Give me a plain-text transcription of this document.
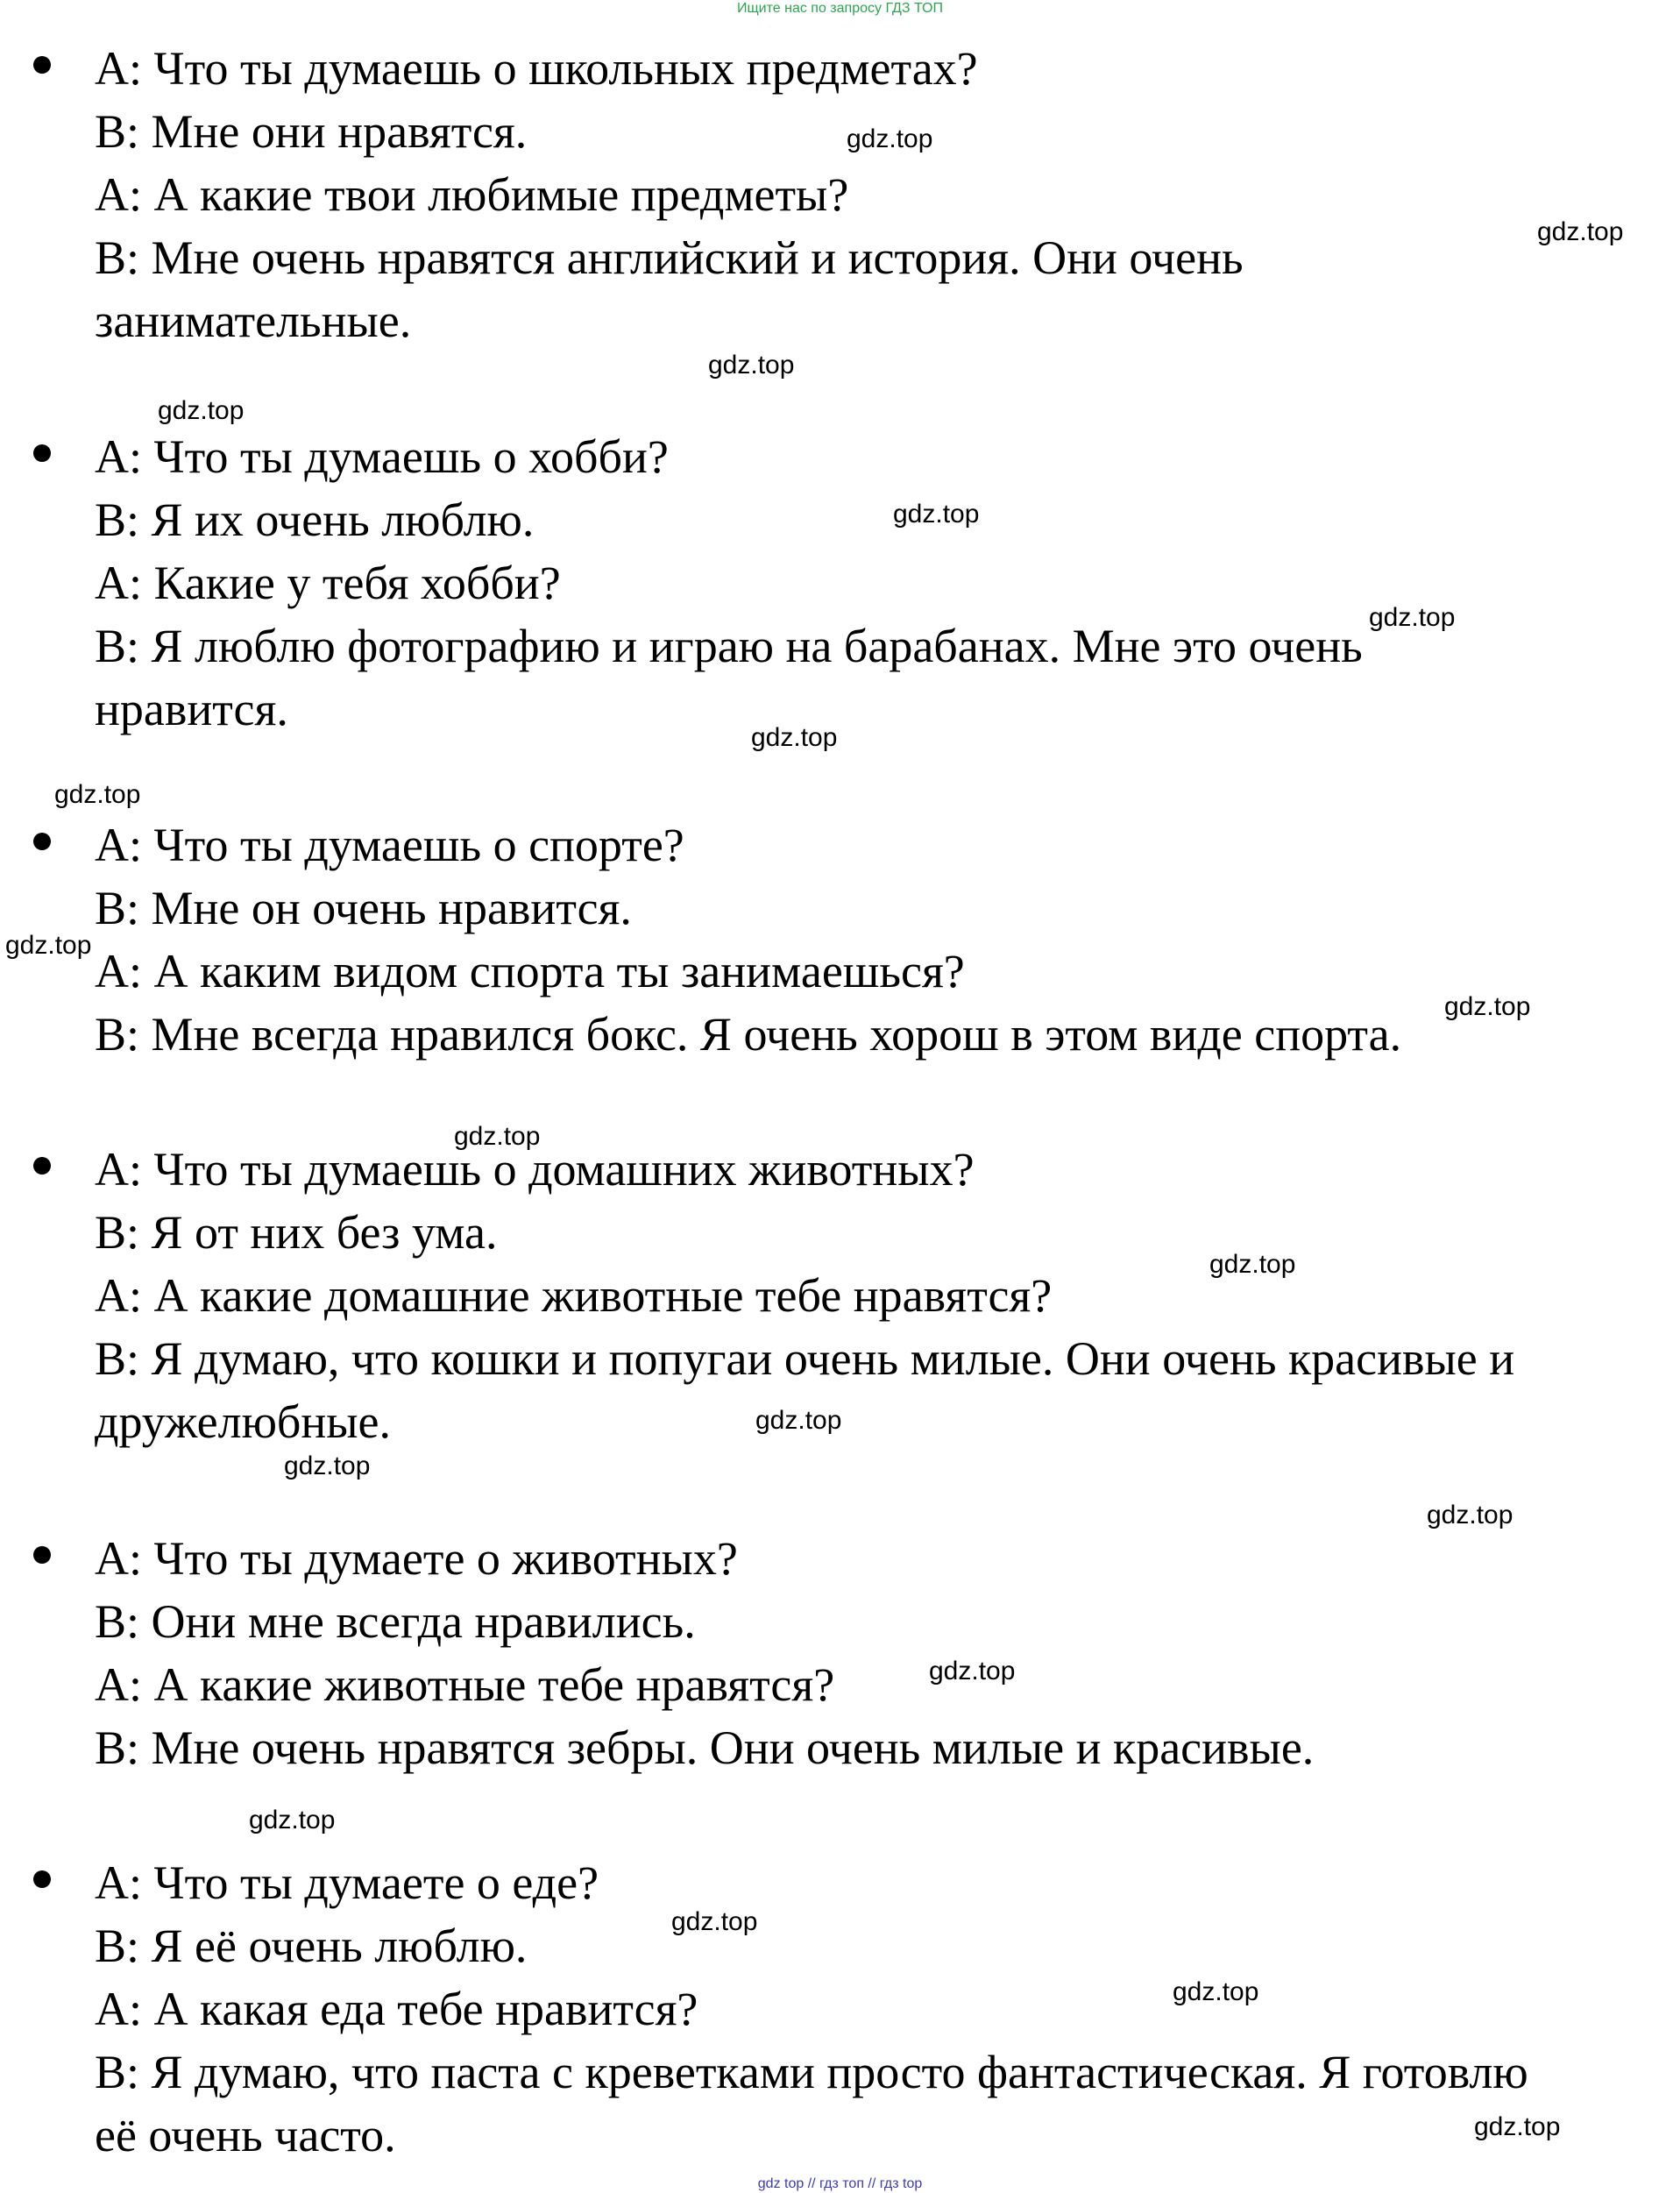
Ищите нас по запросу ГДЗ ТОП
А: Что ты думаешь о школьных предметах?
В: Мне они нравятся.
А: А какие твои любимые предметы?
В: Мне очень нравятся английский и история. Они очень занимательные.
А: Что ты думаешь о хобби?
В: Я их очень люблю.
А: Какие у тебя хобби?
В: Я люблю фотографию и играю на барабанах. Мне это очень нравится.
А: Что ты думаешь о спорте?
В: Мне он очень нравится.
А: А каким видом спорта ты занимаешься?
В: Мне всегда нравился бокс. Я очень хорош в этом виде спорта.
А: Что ты думаешь о домашних животных?
В: Я от них без ума.
А: А какие домашние животные тебе нравятся?
В: Я думаю, что кошки и попугаи очень милые. Они очень красивые и дружелюбные.
А: Что ты думаете о животных?
В: Они мне всегда нравились.
А: А какие животные тебе нравятся?
В: Мне очень нравятся зебры. Они очень милые и красивые.
А: Что ты думаете о еде?
В: Я её очень люблю.
А: А какая еда тебе нравится?
В: Я думаю, что паста с креветками просто фантастическая. Я готовлю её очень часто.
gdz.top
gdz.top
gdz.top
gdz.top
gdz.top
gdz.top
gdz.top
gdz.top
gdz.top
gdz.top
gdz.top
gdz.top
gdz.top
gdz.top
gdz.top
gdz.top
gdz.top
gdz.top
gdz.top
gdz.top
gdz top // гдз топ // гдз top
